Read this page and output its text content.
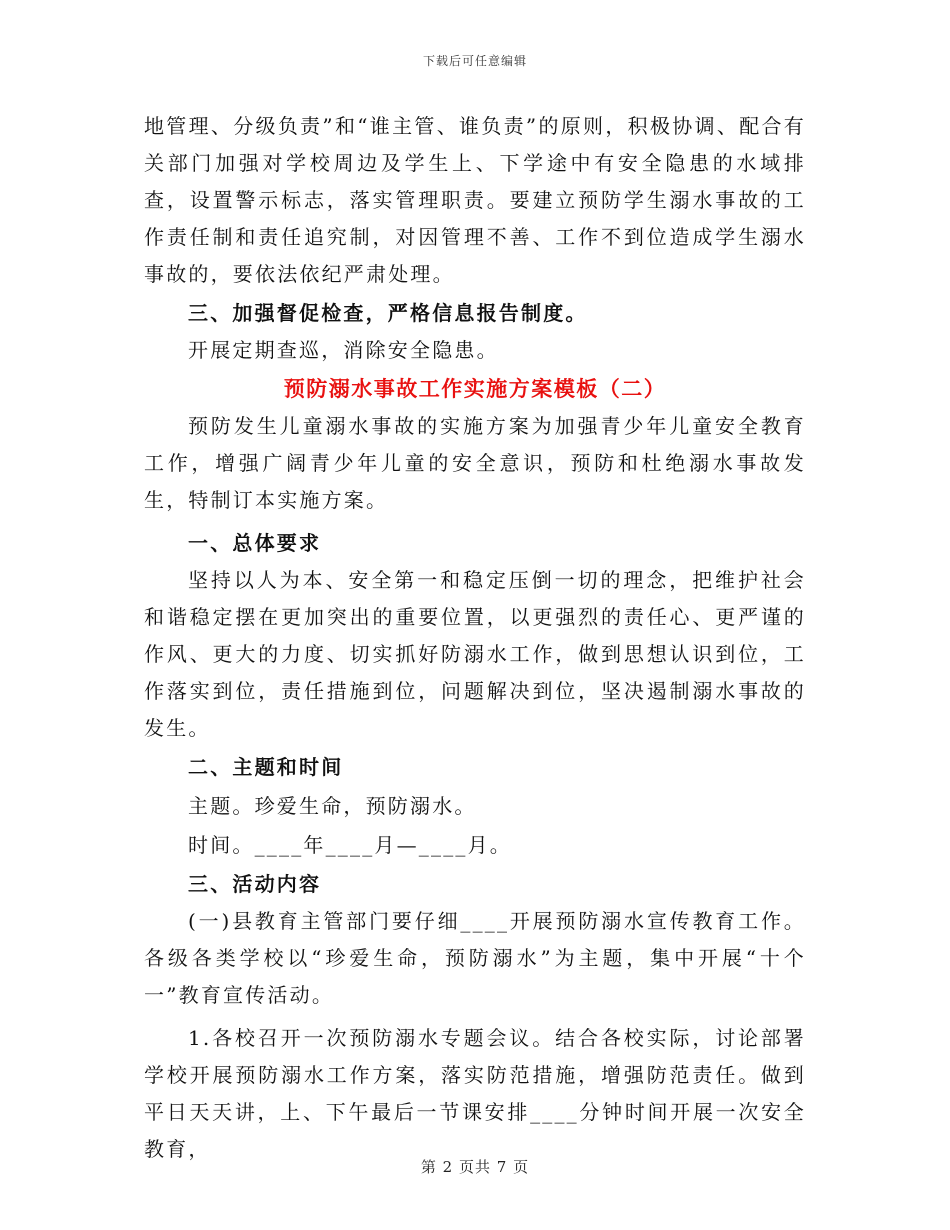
下载后可任意编辑

地管理、分级负责”和“谁主管、谁负责”的原则，积极协调、配合有关部门加强对学校周边及学生上、下学途中有安全隐患的水域排查，设置警示标志，落实管理职责。要建立预防学生溺水事故的工作责任制和责任追究制，对因管理不善、工作不到位造成学生溺水事故的，要依法依纪严肃处理。

三、加强督促检查，严格信息报告制度。

开展定期查巡，消除安全隐患。

预防溺水事故工作实施方案模板（二）

预防发生儿童溺水事故的实施方案为加强青少年儿童安全教育工作，增强广阔青少年儿童的安全意识，预防和杜绝溺水事故发生，特制订本实施方案。

一、总体要求

坚持以人为本、安全第一和稳定压倒一切的理念，把维护社会和谐稳定摆在更加突出的重要位置，以更强烈的责任心、更严谨的作风、更大的力度、切实抓好防溺水工作，做到思想认识到位，工作落实到位，责任措施到位，问题解决到位，坚决遏制溺水事故的发生。

二、主题和时间

主题。珍爱生命，预防溺水。

时间。____年____月—____月。

三、活动内容

(一)县教育主管部门要仔细____开展预防溺水宣传教育工作。各级各类学校以“珍爱生命，预防溺水”为主题，集中开展“十个一”教育宣传活动。

1.各校召开一次预防溺水专题会议。结合各校实际，讨论部署学校开展预防溺水工作方案，落实防范措施，增强防范责任。做到平日天天讲，上、下午最后一节课安排____分钟时间开展一次安全教育，

第 2 页共 7 页
